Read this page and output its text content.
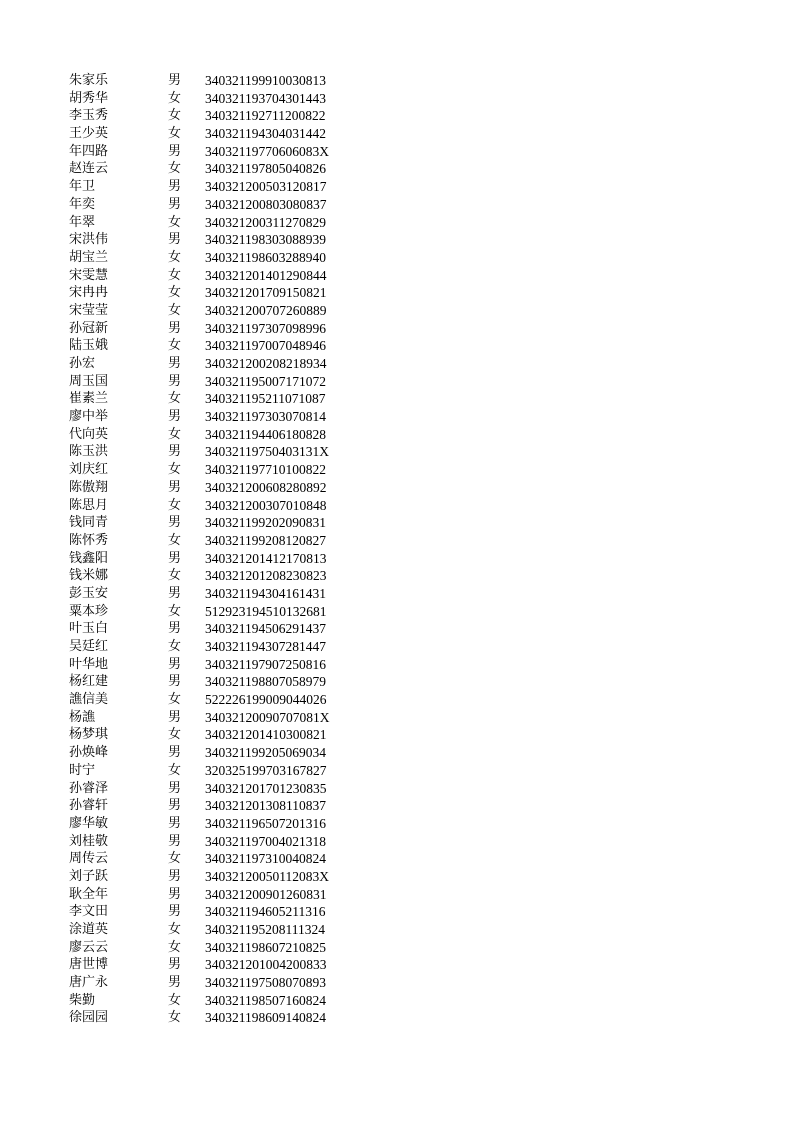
朱家乐	男 340321199910030813
胡秀华	女 340321193704301443
李玉秀	女 340321192711200822
王少英	女 340321194304031442
年四路	男 34032119770606083X
赵连云	女 340321197805040826
年卫	男 340321200503120817
年奕	男 340321200803080837
年翠	女 340321200311270829
宋洪伟	男 340321198303088939
胡宝兰	女 340321198603288940
宋雯慧	女 340321201401290844
宋冉冉	女 340321201709150821
宋莹莹	女 340321200707260889
孙冠新	男 340321197307098996
陆玉娥	女 340321197007048946
孙宏	男 340321200208218934
周玉国	男 340321195007171072
崔素兰	女 340321195211071087
廖中举	男 340321197303070814
代向英	女 340321194406180828
陈玉洪	男 34032119750403131X
刘庆红	女 340321197710100822
陈傲翔	男 340321200608280892
陈思月	女 340321200307010848
钱同青	男 340321199202090831
陈怀秀	女 340321199208120827
钱鑫阳	男 340321201412170813
钱米娜	女 340321201208230823
彭玉安	男 340321194304161431
粟本珍	女 512923194510132681
叶玉白	男 340321194506291437
吴廷红	女 340321194307281447
叶华地	男 340321197907250816
杨红建	男 340321198807058979
譙信美	女 522226199009044026
杨譙	男 34032120090707081X
杨梦琪	女 340321201410300821
孙焕峰	男 340321199205069034
时宁	女 320325199703167827
孙睿泽	男 340321201701230835
孙睿轩	男 340321201308110837
廖华敏	男 340321196507201316
刘桂敬	男 340321197004021318
周传云	女 340321197310040824
刘子跃	男 34032120050112083X
耿全年	男 340321200901260831
李文田	男 340321194605211316
涂道英	女 340321195208111324
廖云云	女 340321198607210825
唐世博	男 340321201004200833
唐广永	男 340321197508070893
柴勤	女 340321198507160824
徐园园	女 340321198609140824
